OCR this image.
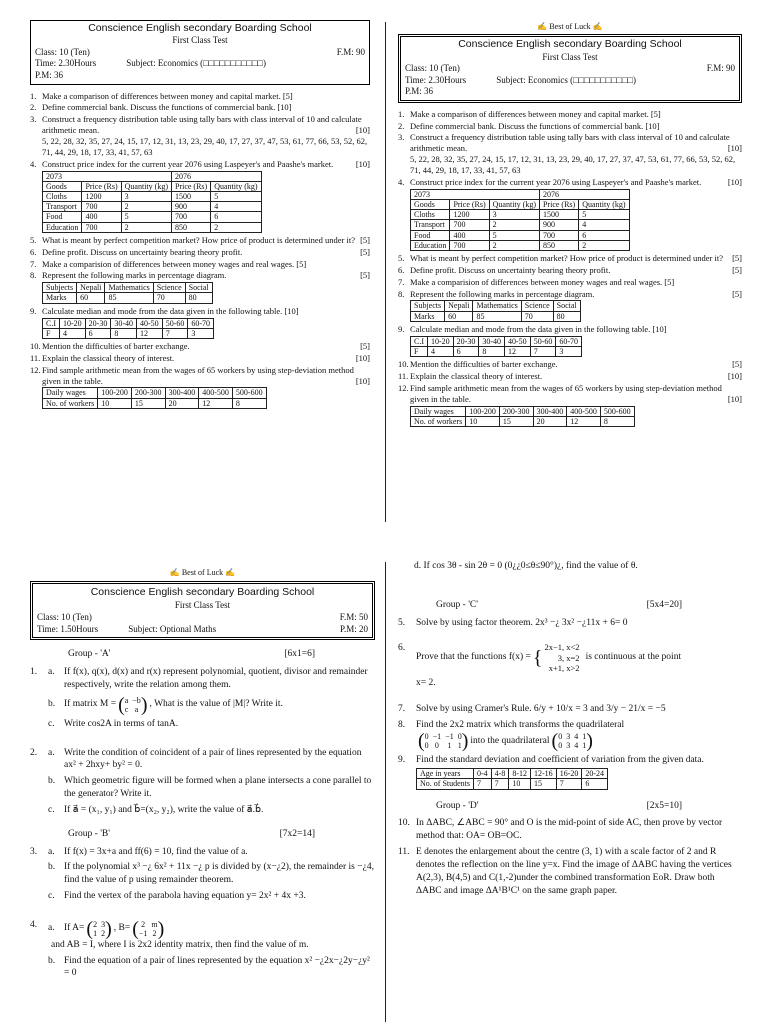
Conscience English secondary Boarding School
First Class Test
Class: 10 (Ten)	F.M: 90
Time: 2.30Hours	Subject: Economics (□□□□□□□□□□□)
P.M: 36
1. Make a comparison of differences between money and capital market. [5]
2. Define commercial bank. Discuss the functions of commercial bank. [10]
3. Construct a frequency distribution table using tally bars with class interval of 10 and calculate arithmetic mean.	[10]
5, 22, 28, 32, 35, 27, 24, 15, 17, 12, 31, 13, 23, 29, 40, 17, 27, 37, 47, 53, 61, 77, 66, 53, 52, 62, 71, 44, 29, 18, 17, 33, 41, 57, 63
4. Construct price index for the current year 2076 using Laspeyer's and Paashe's market.	[10]
2073			2076	
Goods	Price (Rs)	Quantity (kg)	Price (Rs)	Quantity (kg)
Cloths	1200	3	1500	5
Transport	700	2	900	4
Food	400	5	700	6
Education	700	2	850	2
5. What is meant by perfect competition market? How price of product is determined under it? [5]
6. Define profit. Discuss on uncertainty bearing theory profit.	[5]
7. Make a comparision of differences between money wages and real wages. [5]
8. Represent the following marks in percentage diagram.	[5]
Subjects	Nepali	Mathematics	Science	Social
Marks	60	85	70	80
9. Calculate median and mode from the data given in the following table. [10]
C.I	10-20	20-30	30-40	40-50	50-60	60-70
F	4	6	8	12	7	3
10. Mention the difficulties of barter exchange.	[5]
11. Explain the classical theory of interest.	[10]
12. Find sample arithmetic mean from the wages of 65 workers by using step-deviation method given in the table.	[10]
Daily wages	100-200	200-300	300-400	400-500	500-600
No. of workers	10	15	20	12	8
✍ Best of Luck ✍
Conscience English secondary Boarding School
First Class Test
Class: 10 (Ten)	F.M: 90
Time: 2.30Hours	Subject: Economics (□□□□□□□□□□□)
P.M: 36
1. Make a comparison of differences between money and capital market. [5]
2. Define commercial bank. Discuss the functions of commercial bank. [10]
3. Construct a frequency distribution table using tally bars with class interval of 10 and calculate arithmetic mean.	[10]
5, 22, 28, 32, 35, 27, 24, 15, 17, 12, 31, 13, 23, 29, 40, 17, 27, 37, 47, 53, 61, 77, 66, 53, 52, 62, 71, 44, 29, 18, 17, 33, 41, 57, 63
4. Construct price index for the current year 2076 using Laspeyer's and Paashe's market.	[10]
2073			2076	
Goods	Price (Rs)	Quantity (kg)	Price (Rs)	Quantity (kg)
Cloths	1200	3	1500	5
Transport	700	2	900	4
Food	400	5	700	6
Education	700	2	850	2
5. What is meant by perfect competition market? How price of product is determined under it? [5]
6. Define profit. Discuss on uncertainty bearing theory profit.	[5]
7. Make a comparision of differences between money wages and real wages. [5]
8. Represent the following marks in percentage diagram.	[5]
Subjects	Nepali	Mathematics	Science	Social
Marks	60	85	70	80
9. Calculate median and mode from the data given in the following table. [10]
C.I	10-20	20-30	30-40	40-50	50-60	60-70
F	4	6	8	12	7	3
10. Mention the difficulties of barter exchange.	[5]
11. Explain the classical theory of interest.	[10]
12. Find sample arithmetic mean from the wages of 65 workers by using step-deviation method given in the table.	[10]
Daily wages	100-200	200-300	300-400	400-500	500-600
No. of workers	10	15	20	12	8
✍ Best of Luck ✍
Conscience English secondary Boarding School
First Class Test
Class: 10 (Ten)	F.M: 50
Time: 1.50Hours	Subject: Optional Maths	P.M: 20
Group - 'A'	[6x1=6]
1.	a. If f(x), q(x), d(x) and r(x) represent polynomial, quotient, divisor and remainder respectively, write the relation among them.
b. If matrix M = ( a −b
c a ) , What is the value of |M|? Write it.
c. Write cos2A in terms of tanA.
2.	a. Write the condition of coincident of a pair of lines represented by the equation ax² + 2hxy+ by² = 0.
b. Which geometric figure will be formed when a plane intersects a cone parallel to the generator? Write it.
c. If a⃗ = (x₁, y₁) and b⃗=(x₂, y₂), write the value of a⃗.b⃗.
Group - 'B'	[7x2=14]
3.	a. If f(x) = 3x+a and ff(6) = 10, find the value of a.
b. If the polynomial x³ −¿ 6x² + 11x −¿ p is divided by (x−¿2), the remainder is −¿4, find the value of p using remainder theorem.
c. Find the vertex of the parabola having equation y= 2x² + 4x +3.
4.	a. If A= ( 2 3
1 2 ) , B= ( 2 m
−1 2 )
and AB = I, where I is 2x2 identity matrix, then find the value of m.
b. Find the equation of a pair of lines represented by the equation x² −¿2x−¿2y−¿y² = 0
d. If cos 3θ - sin 2θ = 0 (0¿¿0≤θ≤90°)¿, find the value of θ.
Group - 'C'	[5x4=20]
5.	Solve by using factor theorem. 2x³ −¿ 3x² −¿11x + 6= 0
6.
Prove that the functions f(x) = { 2x−1, x<2
3, x=2
x+1, x>2
is continuous at the point
x= 2.
7.	Solve by using Cramer's Rule. 6/y + 10/x = 3 and 3/y − 21/x = −5
8.	Find the 2x2 matrix which transforms the quadrilateral
( 0 −1 −1 0
0 0 1 1 ) into the quadrilateral ( 0 3 4 1
0 3 4 1 )
9.	Find the standard deviation and coefficient of variation from the given data.
Age in years	0-4	4-8	8-12	12-16	16-20	20-24
No. of Students	7	7	10	15	7	6
Group - 'D'	[2x5=10]
10. In ΔABC, ∠ABC = 90° and O is the mid-point of side AC, then prove by vector method that: OA= OB=OC.
11. E denotes the enlargement about the centre (3, 1) with a scale factor of 2 and R denotes the reflection on the line y=x. Find the image of ΔABC having the vertices A(2,3), B(4,5) and C(1,-2)under the combined transformation EoR. Draw both ΔABC and image ΔA¹B¹C¹ on the same graph paper.
